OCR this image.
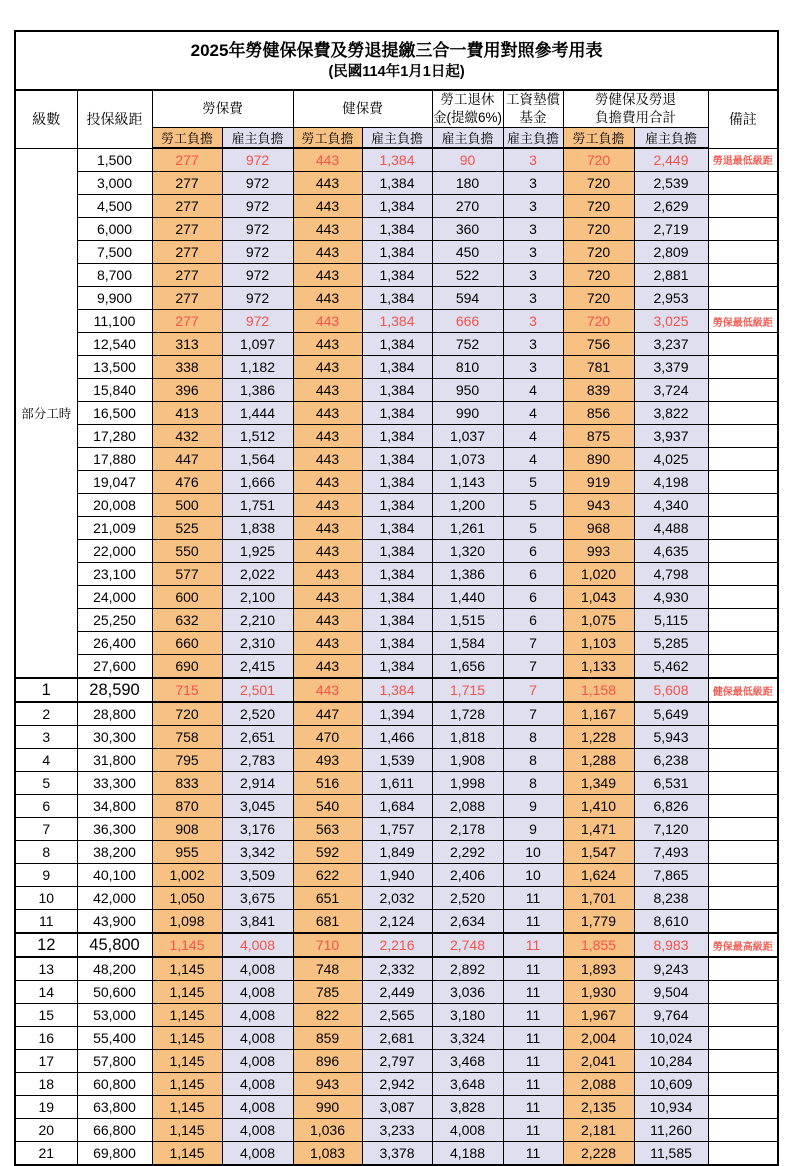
2025年勞健保保費及勞退提繳三合一費用對照參考用表
(民國114年1月1日起)										

級數	投保級距	勞保費		健保費		勞工退休
金(提繳6%)	工資墊償
基金	勞健保及勞退
負擔費用合計		備註
		勞工負擔	雇主負擔	勞工負擔	雇主負擔	雇主負擔	雇主負擔	勞工負擔	雇主負擔	
部分工時	1,500	277	972	443	1,384	90	3	720	2,449	勞退最低級距
	3,000	277	972	443	1,384	180	3	720	2,539	
	4,500	277	972	443	1,384	270	3	720	2,629	
	6,000	277	972	443	1,384	360	3	720	2,719	
	7,500	277	972	443	1,384	450	3	720	2,809	
	8,700	277	972	443	1,384	522	3	720	2,881	
	9,900	277	972	443	1,384	594	3	720	2,953	
	11,100	277	972	443	1,384	666	3	720	3,025	勞保最低級距
	12,540	313	1,097	443	1,384	752	3	756	3,237	
	13,500	338	1,182	443	1,384	810	3	781	3,379	
	15,840	396	1,386	443	1,384	950	4	839	3,724	
	16,500	413	1,444	443	1,384	990	4	856	3,822	
	17,280	432	1,512	443	1,384	1,037	4	875	3,937	
	17,880	447	1,564	443	1,384	1,073	4	890	4,025	
	19,047	476	1,666	443	1,384	1,143	5	919	4,198	
	20,008	500	1,751	443	1,384	1,200	5	943	4,340	
	21,009	525	1,838	443	1,384	1,261	5	968	4,488	
	22,000	550	1,925	443	1,384	1,320	6	993	4,635	
	23,100	577	2,022	443	1,384	1,386	6	1,020	4,798	
	24,000	600	2,100	443	1,384	1,440	6	1,043	4,930	
	25,250	632	2,210	443	1,384	1,515	6	1,075	5,115	
	26,400	660	2,310	443	1,384	1,584	7	1,103	5,285	
	27,600	690	2,415	443	1,384	1,656	7	1,133	5,462	
1	28,590	715	2,501	443	1,384	1,715	7	1,158	5,608	健保最低級距
2	28,800	720	2,520	447	1,394	1,728	7	1,167	5,649	
3	30,300	758	2,651	470	1,466	1,818	8	1,228	5,943	
4	31,800	795	2,783	493	1,539	1,908	8	1,288	6,238	
5	33,300	833	2,914	516	1,611	1,998	8	1,349	6,531	
6	34,800	870	3,045	540	1,684	2,088	9	1,410	6,826	
7	36,300	908	3,176	563	1,757	2,178	9	1,471	7,120	
8	38,200	955	3,342	592	1,849	2,292	10	1,547	7,493	
9	40,100	1,002	3,509	622	1,940	2,406	10	1,624	7,865	
10	42,000	1,050	3,675	651	2,032	2,520	11	1,701	8,238	
11	43,900	1,098	3,841	681	2,124	2,634	11	1,779	8,610	
12	45,800	1,145	4,008	710	2,216	2,748	11	1,855	8,983	勞保最高級距
13	48,200	1,145	4,008	748	2,332	2,892	11	1,893	9,243	
14	50,600	1,145	4,008	785	2,449	3,036	11	1,930	9,504	
15	53,000	1,145	4,008	822	2,565	3,180	11	1,967	9,764	
16	55,400	1,145	4,008	859	2,681	3,324	11	2,004	10,024	
17	57,800	1,145	4,008	896	2,797	3,468	11	2,041	10,284	
18	60,800	1,145	4,008	943	2,942	3,648	11	2,088	10,609	
19	63,800	1,145	4,008	990	3,087	3,828	11	2,135	10,934	
20	66,800	1,145	4,008	1,036	3,233	4,008	11	2,181	11,260	
21	69,800	1,145	4,008	1,083	3,378	4,188	11	2,228	11,585	
